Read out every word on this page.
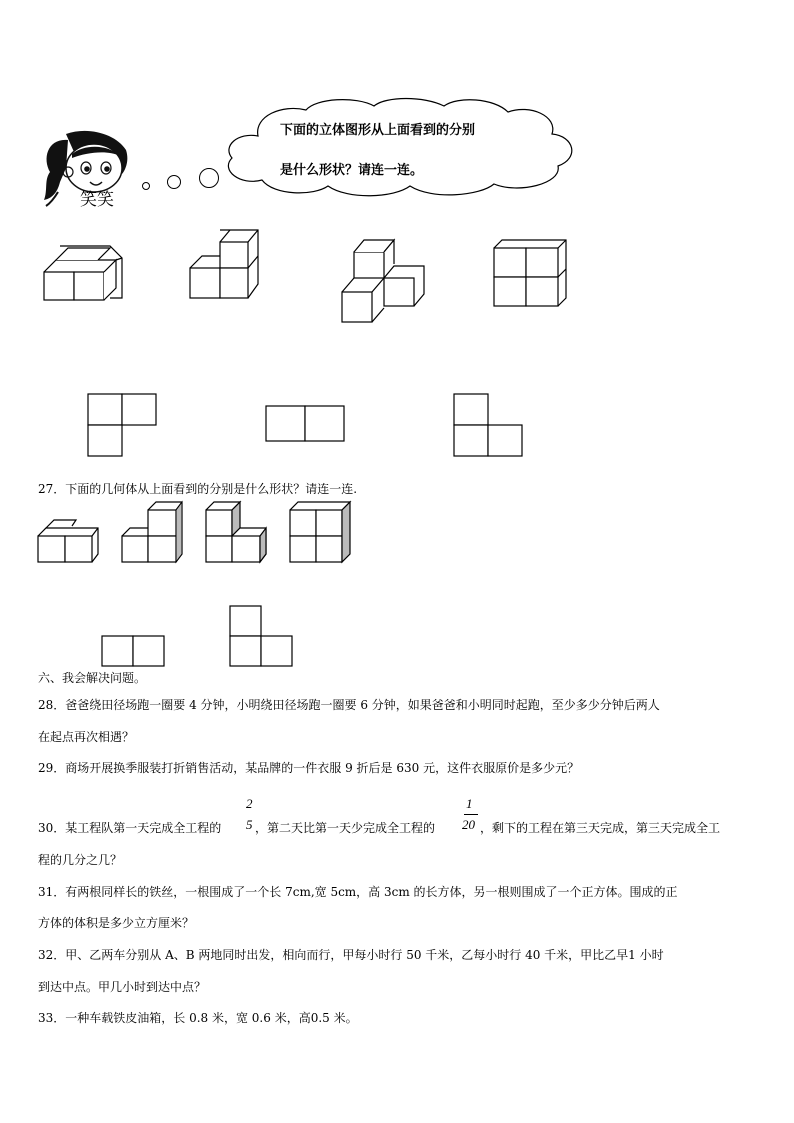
笑笑
下面的立体图形从上面看到的分别
是什么形状？请连一连。
27．下面的几何体从上面看到的分别是什么形状？请连一连.
六、我会解决问题。
28．爸爸绕田径场跑一圈要 4 分钟，小明绕田径场跑一圈要 6 分钟，如果爸爸和小明同时起跑，至少多少分钟后两人
在起点再次相遇？
29．商场开展换季服装打折销售活动，某品牌的一件衣服 9 折后是 630 元，这件衣服原价是多少元？
30．某工程队第一天完成全工程的
2
5 ，第二天比第一天少完成全工程的
1
20 ，剩下的工程在第三天完成，第三天完成全工
程的几分之几？
31．有两根同样长的铁丝，一根围成了一个长 7cm,宽 5cm，高 3cm 的长方体，另一根则围成了一个正方体。围成的正
方体的体积是多少立方厘米？
32．甲、乙两车分别从 A、B 两地同时出发，相向而行，甲每小时行 50 千米，乙每小时行 40 千米，甲比乙早1 小时
到达中点。甲几小时到达中点？
33．一种车载铁皮油箱，长 0.8 米，宽 0.6 米，高0.5 米。
